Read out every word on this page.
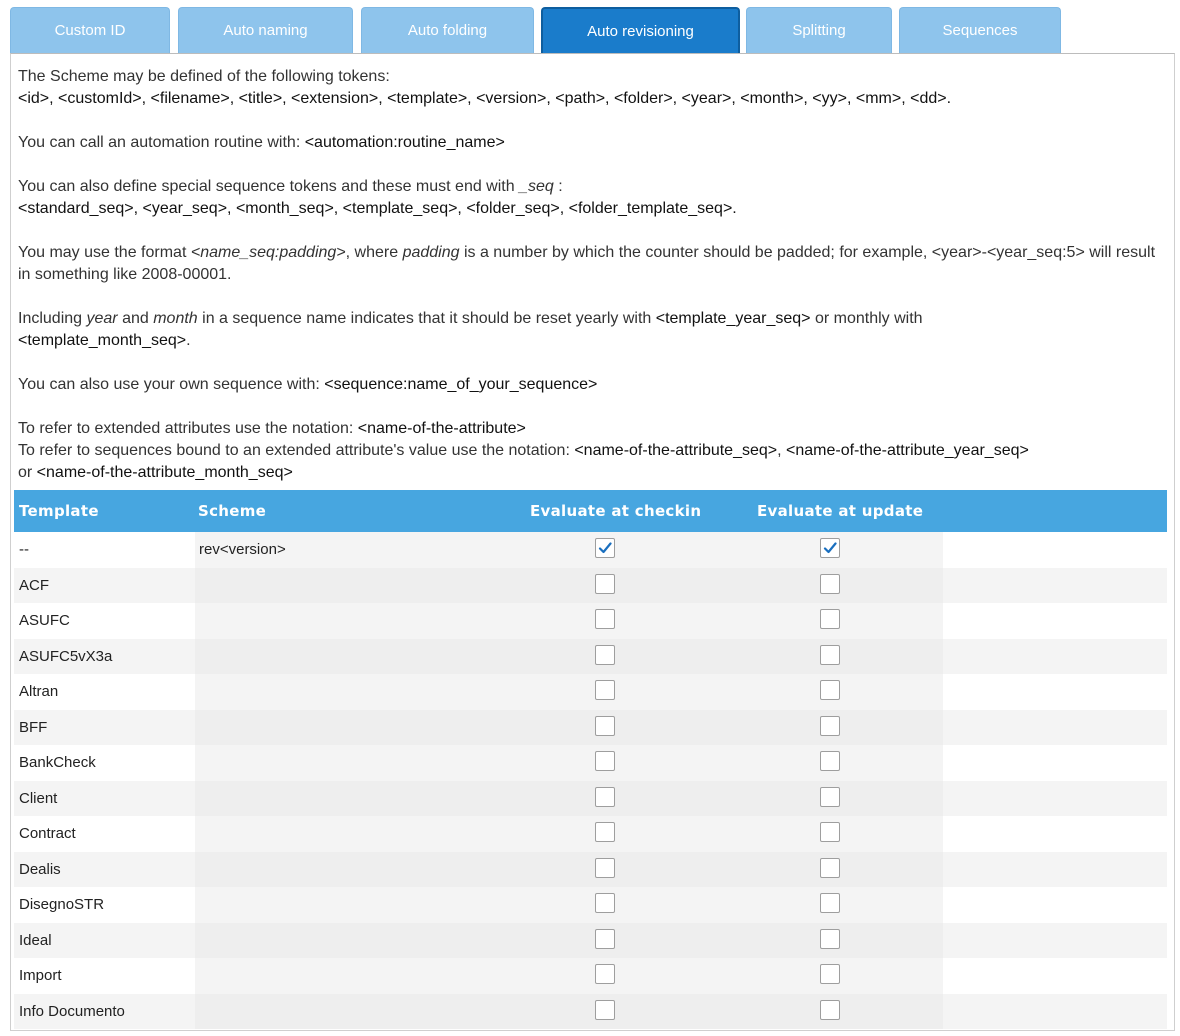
Custom ID	Auto naming	Auto folding	Auto revisioning	Splitting	Sequences

The Scheme may be defined of the following tokens:
<id>, <customId>, <filename>, <title>, <extension>, <template>, <version>, <path>, <folder>, <year>, <month>, <yy>, <mm>, <dd>.

You can call an automation routine with: <automation:routine_name>

You can also define special sequence tokens and these must end with _seq :
<standard_seq>, <year_seq>, <month_seq>, <template_seq>, <folder_seq>, <folder_template_seq>.

You may use the format <name_seq:padding>, where padding is a number by which the counter should be padded; for example, <year>-<year_seq:5> will result in something like 2008-00001.

Including year and month in a sequence name indicates that it should be reset yearly with <template_year_seq> or monthly with
<template_month_seq>.

You can also use your own sequence with: <sequence:name_of_your_sequence>

To refer to extended attributes use the notation: <name-of-the-attribute>
To refer to sequences bound to an extended attribute's value use the notation: <name-of-the-attribute_seq>, <name-of-the-attribute_year_seq>
or <name-of-the-attribute_month_seq>

Template	Scheme	Evaluate at checkin	Evaluate at update
--	rev<version>
ACF
ASUFC
ASUFC5vX3a
Altran
BFF
BankCheck
Client
Contract
Dealis
DisegnoSTR
Ideal
Import
Info Documento
